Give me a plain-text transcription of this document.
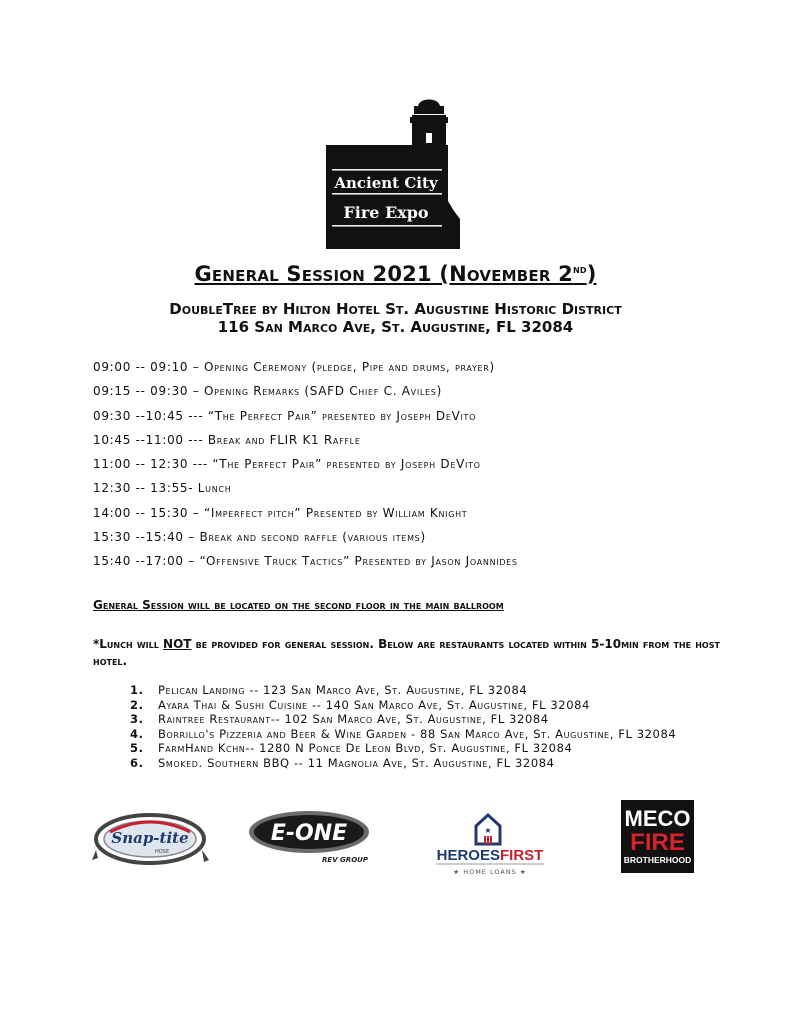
Ancient City
Fire Expo
General Session 2021 (November 2nd)
DoubleTree by Hilton Hotel St. Augustine Historic District
116 San Marco Ave, St. Augustine, FL 32084
09:00 -- 09:10 – Opening Ceremony (pledge, Pipe and drums, prayer)
09:15 -- 09:30 – Opening Remarks (SAFD Chief C. Aviles)
09:30 --10:45 --- “The Perfect Pair” presented by Joseph DeVito
10:45 --11:00 --- Break and FLIR K1 Raffle
11:00 -- 12:30 --- “The Perfect Pair” presented by Joseph DeVito
12:30 -- 13:55- Lunch
14:00 -- 15:30 – “Imperfect pitch” Presented by William Knight
15:30 --15:40 – Break and second raffle (various items)
15:40 --17:00 – “Offensive Truck Tactics” Presented by Jason Joannides
General Session will be located on the second floor in the main ballroom
*Lunch will NOT be provided for general session. Below are restaurants located within 5-10min from the host hotel.
1. Pelican Landing -- 123 San Marco Ave, St. Augustine, FL 32084
2. Ayara Thai & Sushi Cuisine -- 140 San Marco Ave, St. Augustine, FL 32084
3. Raintree Restaurant-- 102 San Marco Ave, St. Augustine, FL 32084
4. Borrillo's Pizzeria and Beer & Wine Garden - 88 San Marco Ave, St. Augustine, FL 32084
5. FarmHand Kchn-- 1280 N Ponce De Leon Blvd, St. Augustine, FL 32084
6. Smoked. Southern BBQ -- 11 Magnolia Ave, St. Augustine, FL 32084
Snap-tite
HOSE
E-ONE
REV GROUP
★
HEROESFIRST
★ HOME LOANS ★
MECO
FIRE
BROTHERHOOD
